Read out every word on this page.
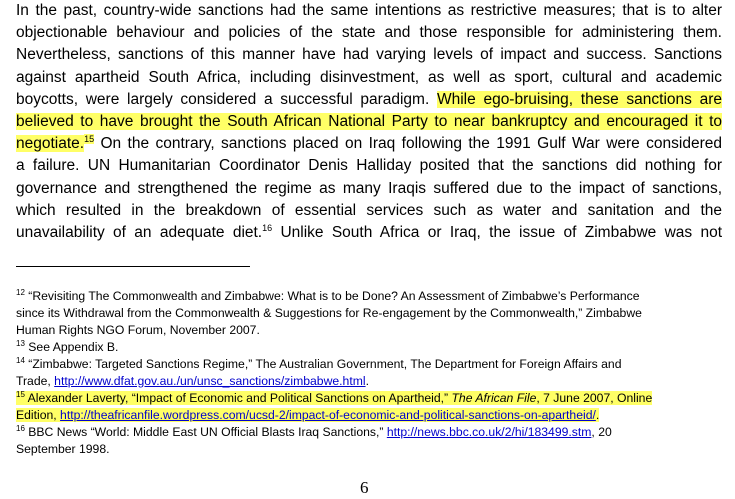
In the past, country-wide sanctions had the same intentions as restrictive measures; that is to alter
objectionable behaviour and policies of the state and those responsible for administering them.
Nevertheless, sanctions of this manner have had varying levels of impact and success. Sanctions
against apartheid South Africa, including disinvestment, as well as sport, cultural and academic
boycotts, were largely considered a successful paradigm. While ego-bruising, these sanctions are
believed to have brought the South African National Party to near bankruptcy and encouraged it to
negotiate.$^{15}$ On the contrary, sanctions placed on Iraq following the 1991 Gulf War were considered
a failure. UN Humanitarian Coordinator Denis Halliday posited that the sanctions did nothing for
governance and strengthened the regime as many Iraqis suffered due to the impact of sanctions,
which resulted in the breakdown of essential services such as water and sanitation and the
unavailability of an adequate diet.$^{16}$ Unlike South Africa or Iraq, the issue of Zimbabwe was not
$^{12}$ “Revisiting The Commonwealth and Zimbabwe: What is to be Done? An Assessment of Zimbabwe’s Performance
since its Withdrawal from the Commonwealth & Suggestions for Re-engagement by the Commonwealth,” Zimbabwe
Human Rights NGO Forum, November 2007.
$^{13}$ See Appendix B.
$^{14}$ “Zimbabwe: Targeted Sanctions Regime,” The Australian Government, The Department for Foreign Affairs and
Trade, http://www.dfat.gov.au./un/unsc_sanctions/zimbabwe.html.
$^{15}$ Alexander Laverty, “Impact of Economic and Political Sanctions on Apartheid,” The African File, 7 June 2007, Online
Edition, http://theafricanfile.wordpress.com/ucsd-2/impact-of-economic-and-political-sanctions-on-apartheid/.
$^{16}$ BBC News “World: Middle East UN Official Blasts Iraq Sanctions,” http://news.bbc.co.uk/2/hi/183499.stm, 20
September 1998.
6
